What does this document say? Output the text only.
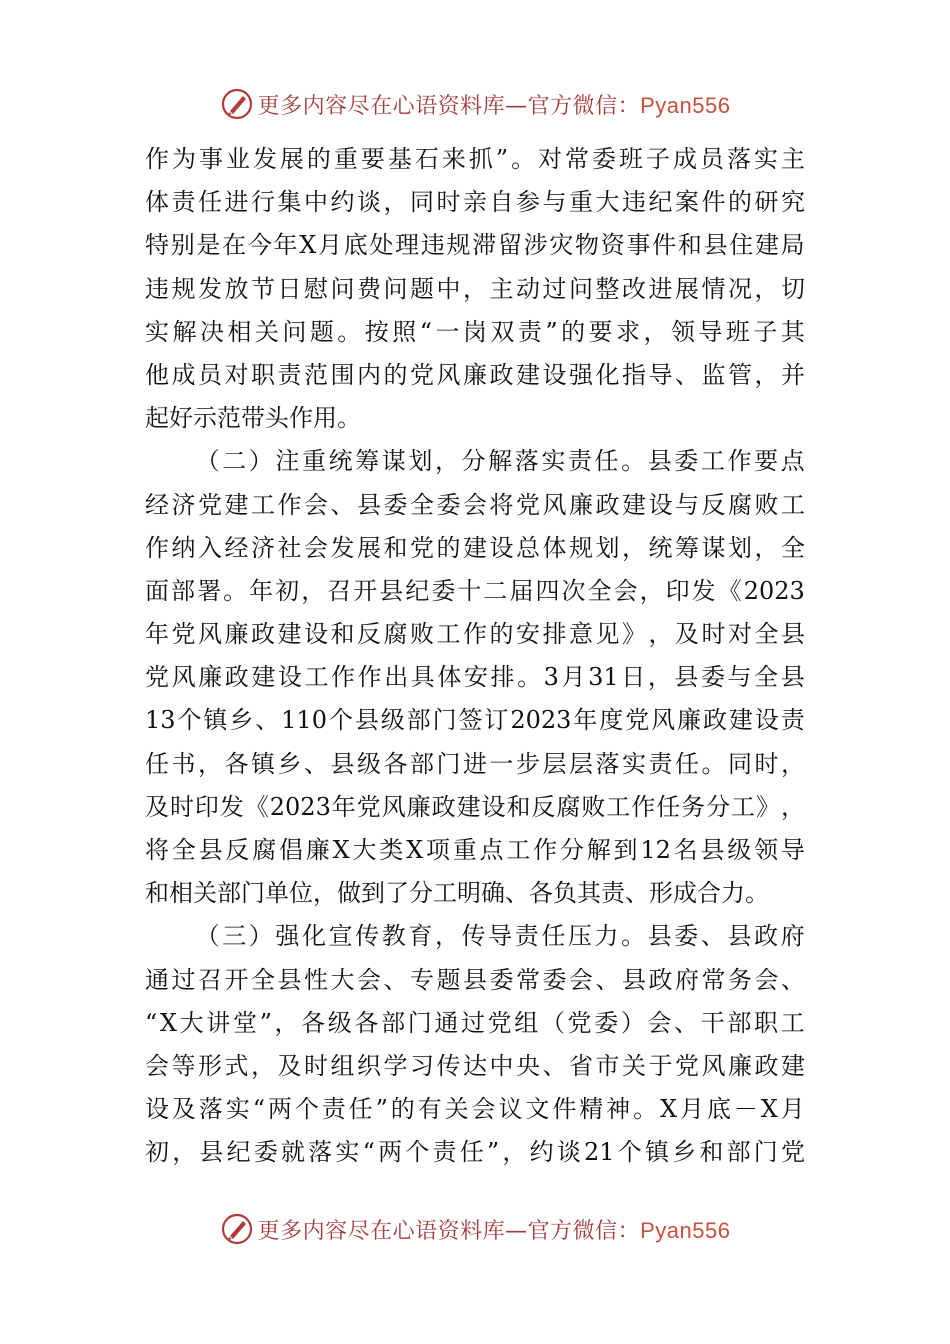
更多内容尽在心语资料库—官方微信：Pyan556
作 为 事 业 发 展 的 重 要 基 石 来 抓 ” 。 对 常 委 班 子 成 员 落 实 主
体 责 任 进 行 集 中 约 谈 ， 同 时 亲 自 参 与 重 大 违 纪 案 件 的 研 究
特 别 是 在 今 年 X 月 底 处 理 违 规 滞 留 涉 灾 物 资 事 件 和 县 住 建 局
违 规 发 放 节 日 慰 问 费 问 题 中 ， 主 动 过 问 整 改 进 展 情 况 ， 切
实 解 决 相 关 问 题 。 按 照 “ 一 岗 双 责 ” 的 要 求 ， 领 导 班 子 其
他 成 员 对 职 责 范 围 内 的 党 风 廉 政 建 设 强 化 指 导 、 监 管 ， 并
起好示范带头作用。

（ 二 ） 注 重 统 筹 谋 划 ， 分 解 落 实 责 任 。 县 委 工 作 要 点
经 济 党 建 工 作 会 、 县 委 全 委 会 将 党 风 廉 政 建 设 与 反 腐 败 工
作 纳 入 经 济 社 会 发 展 和 党 的 建 设 总 体 规 划 ， 统 筹 谋 划 ， 全
面 部 署 。 年 初 ， 召 开 县 纪 委 十 二 届 四 次 全 会 ， 印 发 《 2023
年 党 风 廉 政 建 设 和 反 腐 败 工 作 的 安 排 意 见 》 ， 及 时 对 全 县
党 风 廉 政 建 设 工 作 作 出 具 体 安 排 。 3 月 31 日 ， 县 委 与 全 县
13 个 镇 乡 、 110 个 县 级 部 门 签 订 2023 年 度 党 风 廉 政 建 设 责
任 书 ， 各 镇 乡 、 县 级 各 部 门 进 一 步 层 层 落 实 责 任 。 同 时 ，
及 时 印 发 《 2023 年 党 风 廉 政 建 设 和 反 腐 败 工 作 任 务 分 工 》 ，
将 全 县 反 腐 倡 廉 X 大 类 X 项 重 点 工 作 分 解 到 12 名 县 级 领 导
和相关部门单位，做到了分工明确、各负其责、形成合力。

（ 三 ） 强 化 宣 传 教 育 ， 传 导 责 任 压 力 。 县 委 、 县 政 府
通 过 召 开 全 县 性 大 会 、 专 题 县 委 常 委 会 、 县 政 府 常 务 会 、
“ X 大 讲 堂 ” ， 各 级 各 部 门 通 过 党 组 （ 党 委 ） 会 、 干 部 职 工
会 等 形 式 ， 及 时 组 织 学 习 传 达 中 央 、 省 市 关 于 党 风 廉 政 建
设 及 落 实 “ 两 个 责 任 ” 的 有 关 会 议 文 件 精 神 。 X 月 底 － X 月
初 ， 县 纪 委 就 落 实 “ 两 个 责 任 ” ， 约 谈 21 个 镇 乡 和 部 门 党
更多内容尽在心语资料库—官方微信：Pyan556
